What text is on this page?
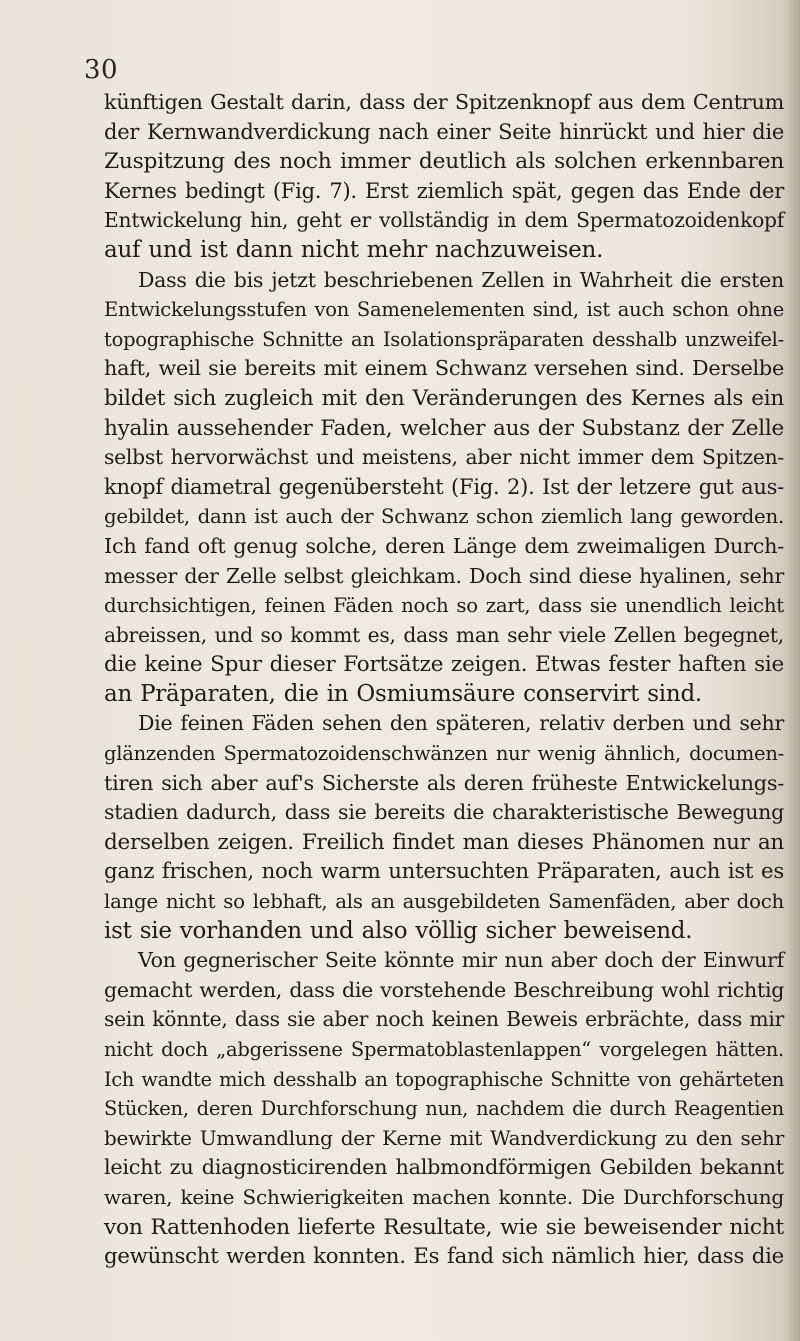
30
künftigen Gestalt darin, dass der Spitzenknopf aus dem Centrum
der Kernwandverdickung nach einer Seite hinrückt und hier die
Zuspitzung des noch immer deutlich als solchen erkennbaren
Kernes bedingt (Fig. 7). Erst ziemlich spät, gegen das Ende der
Entwickelung hin, geht er vollständig in dem Spermatozoidenkopf
auf und ist dann nicht mehr nachzuweisen.
Dass die bis jetzt beschriebenen Zellen in Wahrheit die ersten
Entwickelungsstufen von Samenelementen sind, ist auch schon ohne
topographische Schnitte an Isolationspräparaten desshalb unzweifel-
haft, weil sie bereits mit einem Schwanz versehen sind. Derselbe
bildet sich zugleich mit den Veränderungen des Kernes als ein
hyalin aussehender Faden, welcher aus der Substanz der Zelle
selbst hervorwächst und meistens, aber nicht immer dem Spitzen-
knopf diametral gegenübersteht (Fig. 2). Ist der letzere gut aus-
gebildet, dann ist auch der Schwanz schon ziemlich lang geworden.
Ich fand oft genug solche, deren Länge dem zweimaligen Durch-
messer der Zelle selbst gleichkam. Doch sind diese hyalinen, sehr
durchsichtigen, feinen Fäden noch so zart, dass sie unendlich leicht
abreissen, und so kommt es, dass man sehr viele Zellen begegnet,
die keine Spur dieser Fortsätze zeigen. Etwas fester haften sie
an Präparaten, die in Osmiumsäure conservirt sind.
Die feinen Fäden sehen den späteren, relativ derben und sehr
glänzenden Spermatozoidenschwänzen nur wenig ähnlich, documen-
tiren sich aber auf's Sicherste als deren früheste Entwickelungs-
stadien dadurch, dass sie bereits die charakteristische Bewegung
derselben zeigen. Freilich findet man dieses Phänomen nur an
ganz frischen, noch warm untersuchten Präparaten, auch ist es
lange nicht so lebhaft, als an ausgebildeten Samenfäden, aber doch
ist sie vorhanden und also völlig sicher beweisend.
Von gegnerischer Seite könnte mir nun aber doch der Einwurf
gemacht werden, dass die vorstehende Beschreibung wohl richtig
sein könnte, dass sie aber noch keinen Beweis erbrächte, dass mir
nicht doch „abgerissene Spermatoblastenlappen“ vorgelegen hätten.
Ich wandte mich desshalb an topographische Schnitte von gehärteten
Stücken, deren Durchforschung nun, nachdem die durch Reagentien
bewirkte Umwandlung der Kerne mit Wandverdickung zu den sehr
leicht zu diagnosticirenden halbmondförmigen Gebilden bekannt
waren, keine Schwierigkeiten machen konnte. Die Durchforschung
von Rattenhoden lieferte Resultate, wie sie beweisender nicht
gewünscht werden konnten. Es fand sich nämlich hier, dass die
